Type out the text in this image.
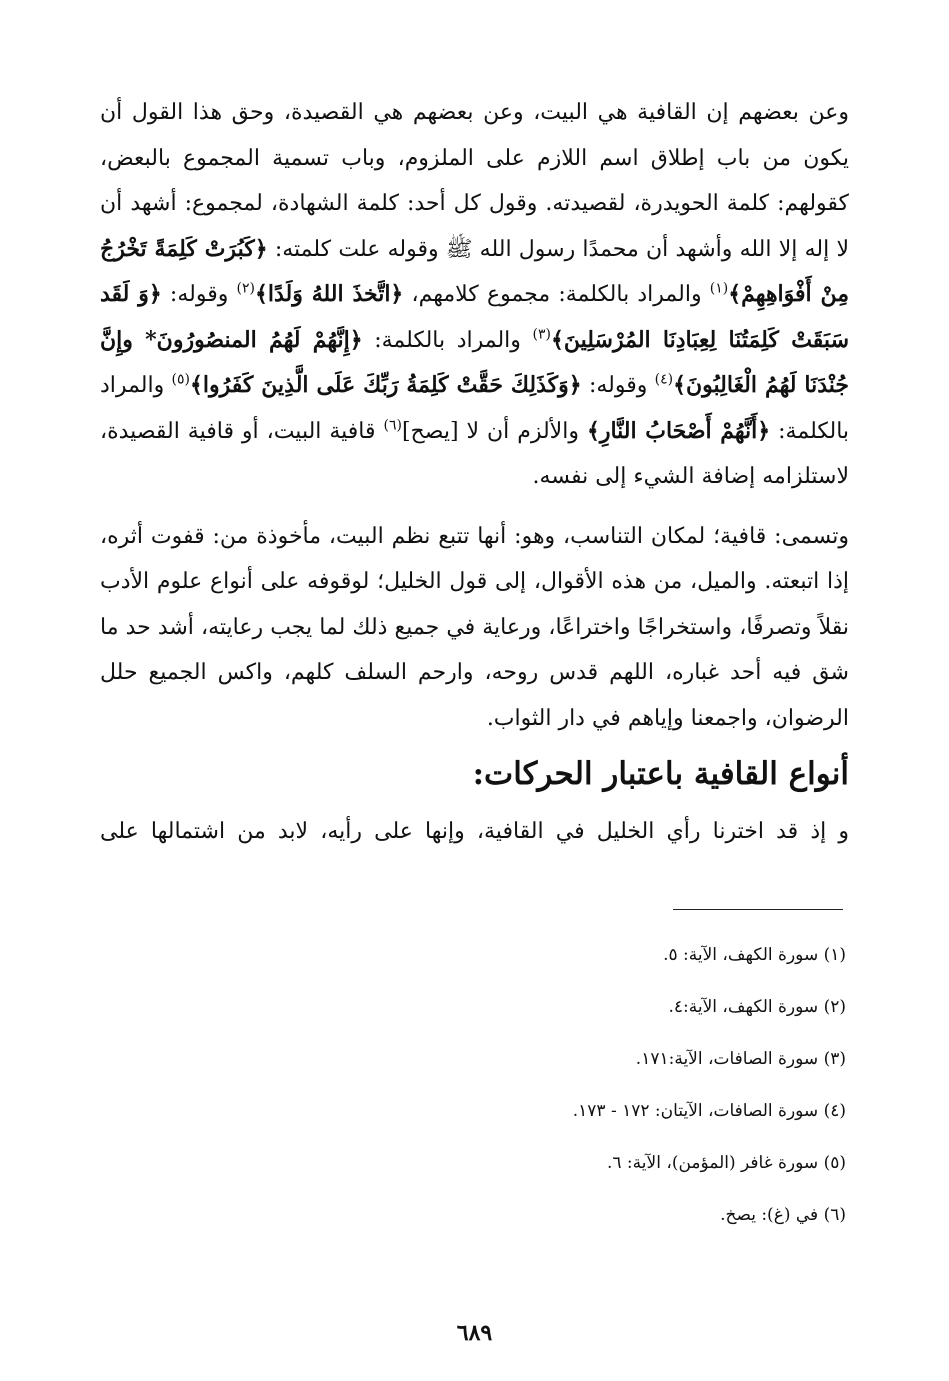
وعن بعضهم إن القافية هي البيت، وعن بعضهم هي القصيدة، وحق هذا القول أن يكون من باب إطلاق اسم اللازم على الملزوم، وباب تسمية المجموع بالبعض، كقولهم: كلمة الحويدرة، لقصيدته. وقول كل أحد: كلمة الشهادة، لمجموع: أشهد أن لا إله إلا الله وأشهد أن محمدًا رسول الله ﷺ وقوله علت كلمته: ﴿كَبُرَتْ كَلِمَةً تَخْرُجُ مِنْ أَفْوَاهِهِمْ﴾$^{(١)}$ والمراد بالكلمة: مجموع كلامهم، ﴿اتَّخذَ اللهُ وَلَدًا﴾$^{(٢)}$ وقوله: ﴿وَ لَقَد سَبَقَتْ كَلِمَتُنَا لِعِبَادِنَا المُرْسَلِينَ﴾$^{(٣)}$ والمراد بالكلمة: ﴿إِنَّهُمْ لَهُمُ المنصُورُونَ* وإِنَّ جُنْدَنَا لَهُمُ الْغَالِبُونَ﴾$^{(٤)}$ وقوله: ﴿وَكَذَلِكَ حَقَّتْ كَلِمَةُ رَبِّكَ عَلَى الَّذِينَ كَفَرُوا﴾$^{(٥)}$ والمراد بالكلمة: ﴿أَنَّهُمْ أَصْحَابُ النَّارِ﴾ والألزم أن لا [يصح]$^{(٦)}$ قافية البيت، أو قافية القصيدة، لاستلزامه إضافة الشيء إلى نفسه.

وتسمى: قافية؛ لمكان التناسب، وهو: أنها تتبع نظم البيت، مأخوذة من: قفوت أثره، إذا اتبعته. والميل، من هذه الأقوال، إلى قول الخليل؛ لوقوفه على أنواع علوم الأدب نقلاً وتصرفًا، واستخراجًا واختراعًا، ورعاية في جميع ذلك لما يجب رعايته، أشد حد ما شق فيه أحد غباره، اللهم قدس روحه، وارحم السلف كلهم، واكس الجميع حلل الرضوان، واجمعنا وإياهم في دار الثواب.

أنواع القافية باعتبار الحركات:

و إذ قد اخترنا رأي الخليل في القافية، وإنها على رأيه، لابد من اشتمالها على

(١) سورة الكهف، الآية: ٥.
(٢) سورة الكهف، الآية:٤.
(٣) سورة الصافات، الآية:١٧١.
(٤) سورة الصافات، الآيتان: ١٧٢ - ١٧٣.
(٥) سورة غافر (المؤمن)، الآية: ٦.
(٦) في (غ): يصخ.
٦٨٩
